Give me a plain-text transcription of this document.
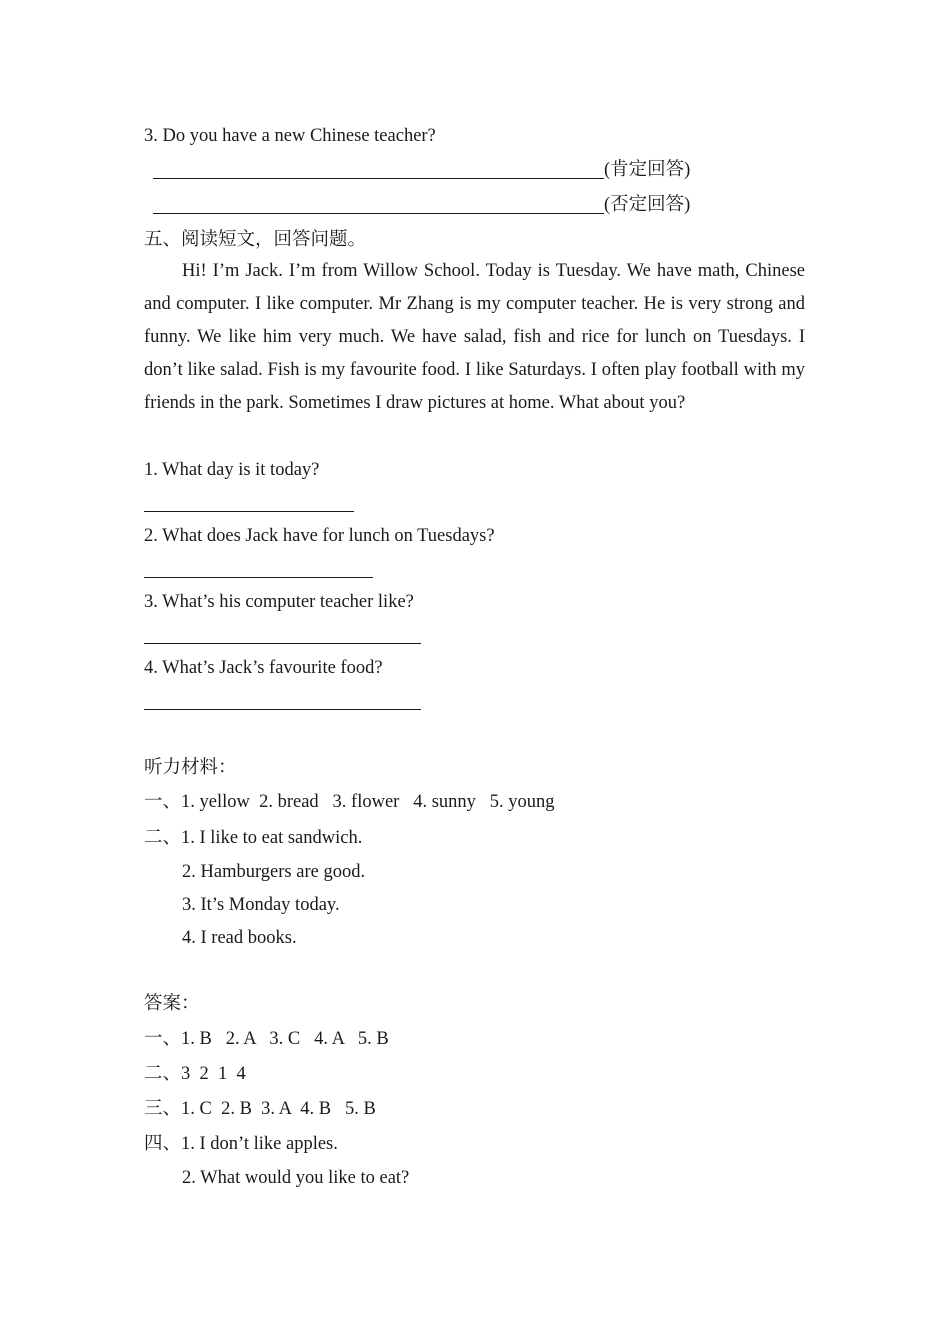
3. Do you have a new Chinese teacher?
(肯定回答)
(否定回答)
五、阅读短文，回答问题。
Hi! I’m Jack. I’m from Willow School. Today is Tuesday. We have math, Chinese and computer. I like computer. Mr Zhang is my computer teacher. He is very strong and funny. We like him very much. We have salad, fish and rice for lunch on Tuesdays. I don’t like salad. Fish is my favourite food. I like Saturdays. I often play football with my friends in the park. Sometimes I draw pictures at home. What about you?
1. What day is it today?
2. What does Jack have for lunch on Tuesdays?
3. What’s his computer teacher like?
4. What’s Jack’s favourite food?
听力材料：
一、1. yellow  2. bread   3. flower   4. sunny   5. young
二、1. I like to eat sandwich.
2. Hamburgers are good.
3. It’s Monday today.
4. I read books.
答案：
一、1. B   2. A   3. C   4. A   5. B
二、3  2  1  4
三、1. C  2. B  3. A  4. B   5. B
四、1. I don’t like apples.
2. What would you like to eat?
